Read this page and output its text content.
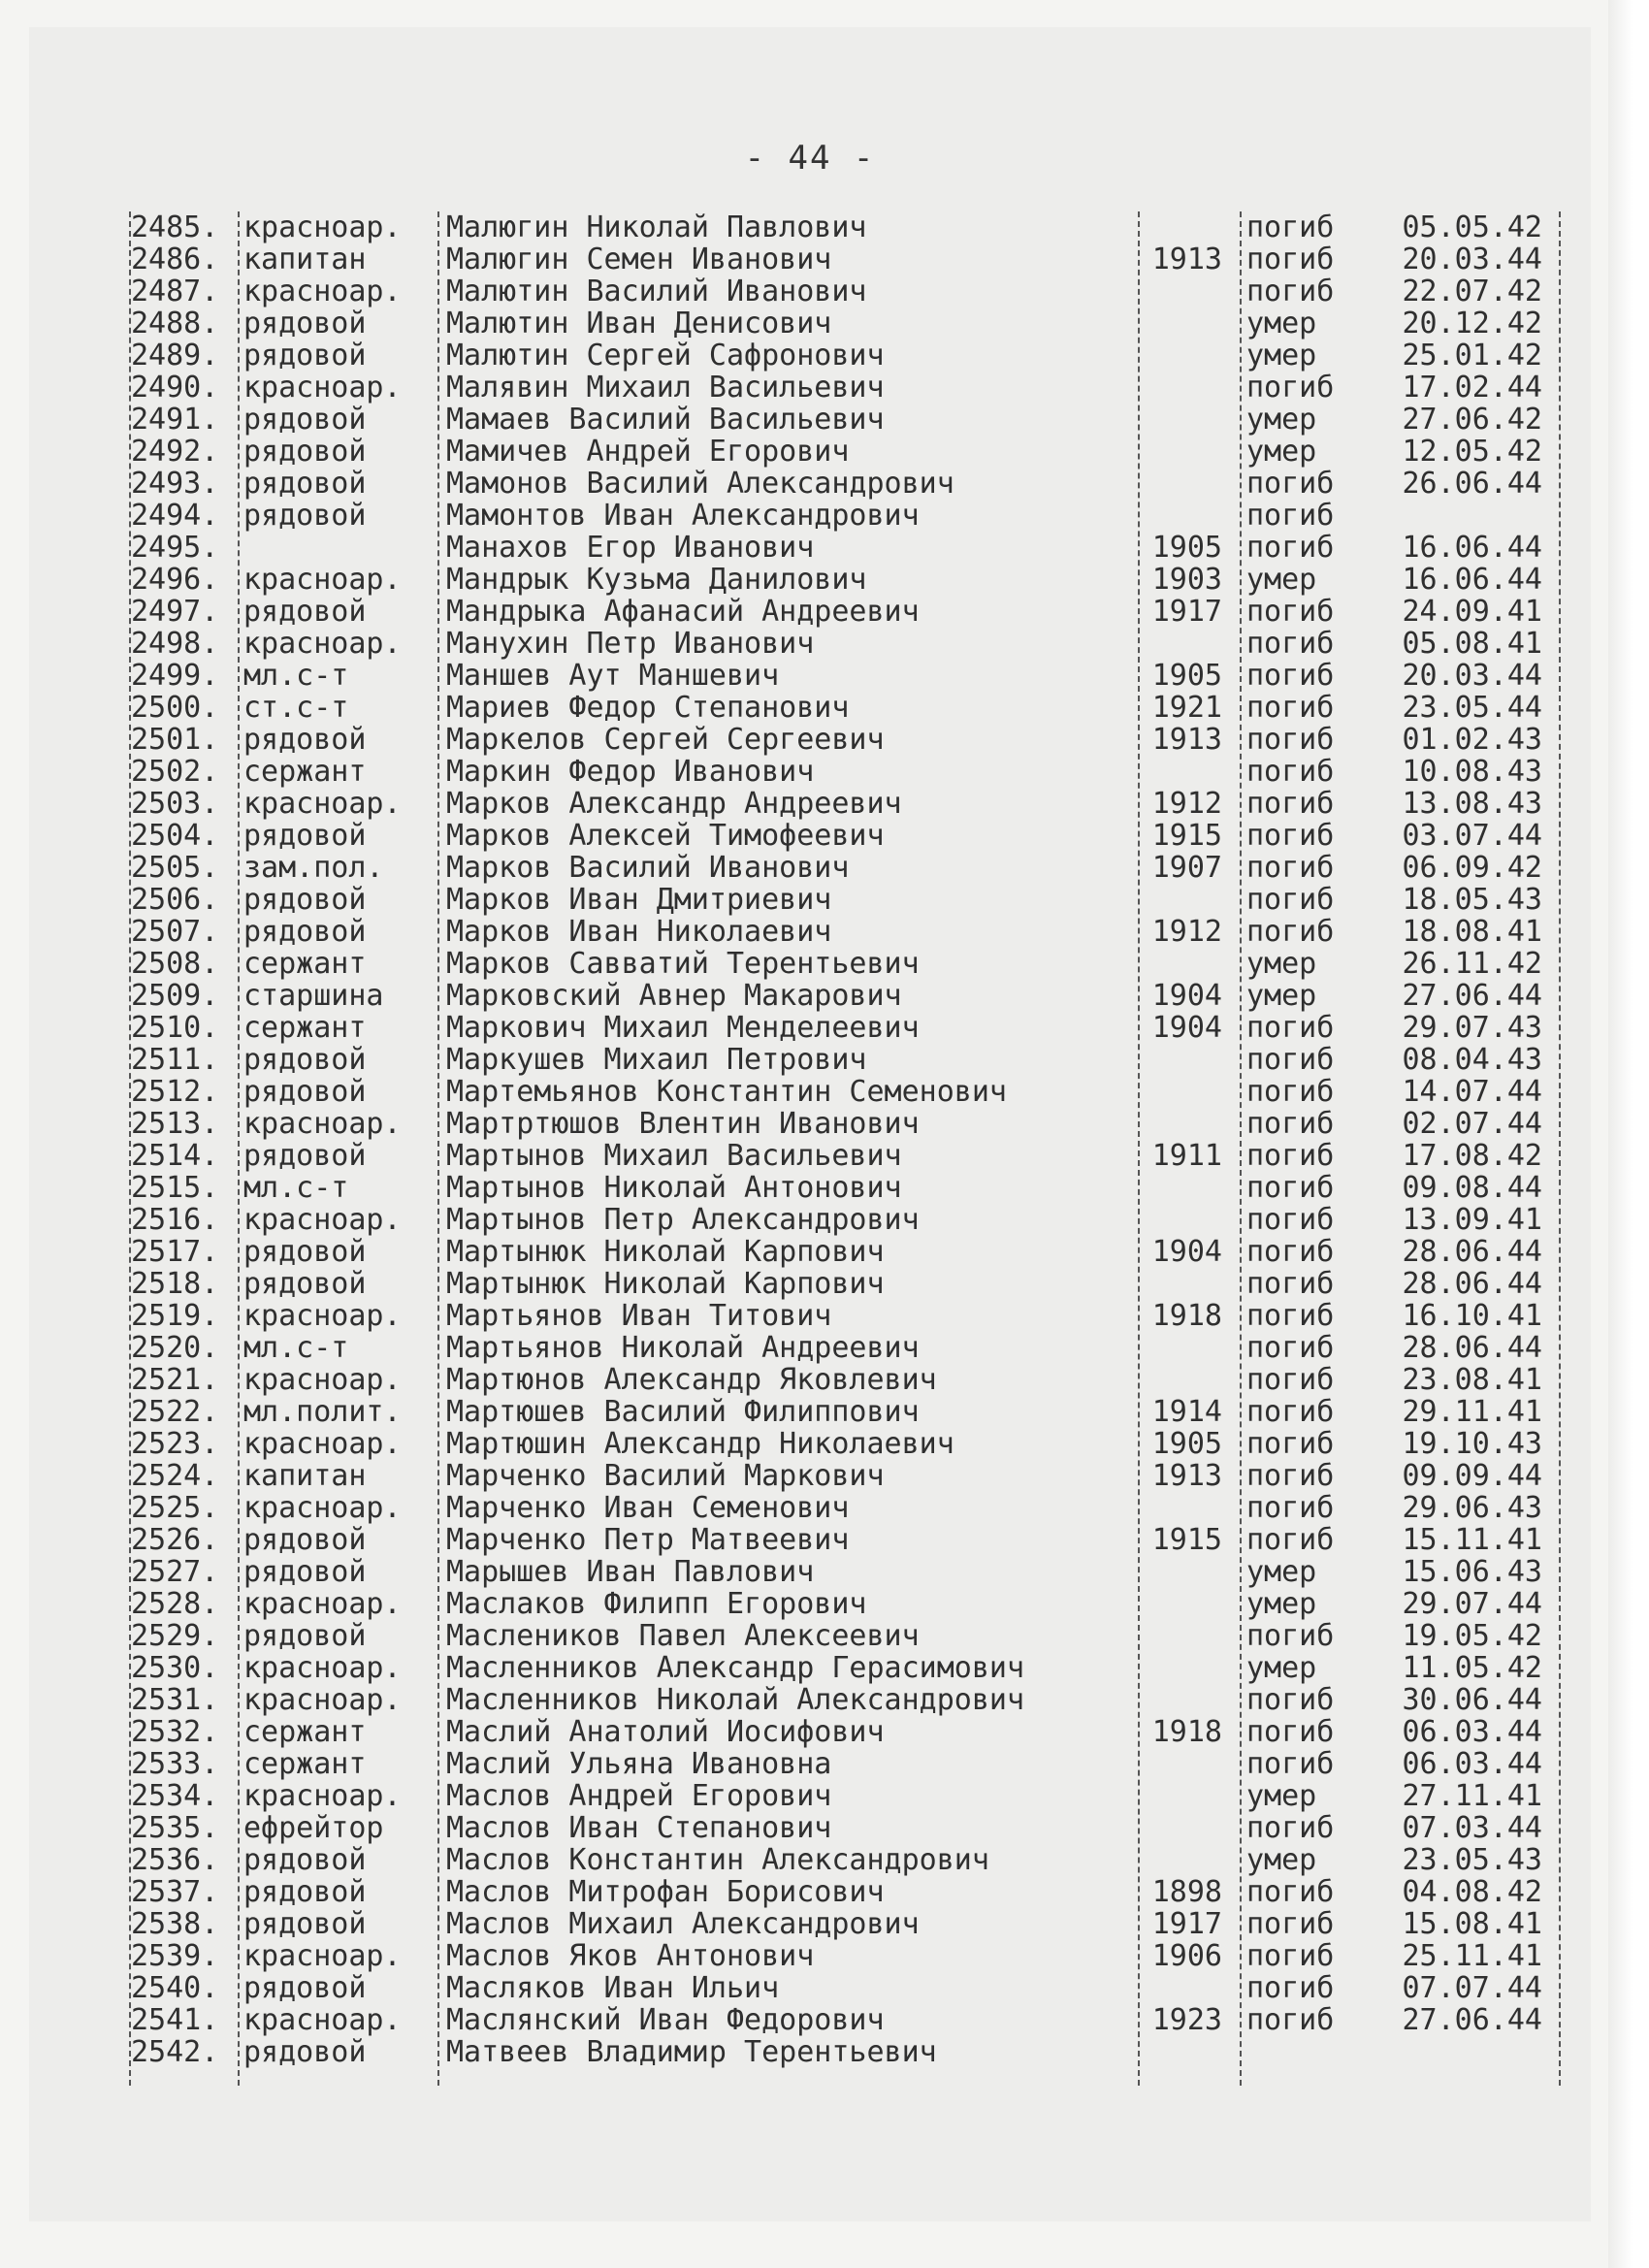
- 44 -
2485. краснoар. Малюгин Николай Павлович	погиб	05.05.42
2486. капитан	Малюгин Семен Иванович	1913 погиб	20.03.44
2487. краснoар. Малютин Василий Иванович	погиб	22.07.42
2488. рядовой	Малютин Иван Денисович	умер	20.12.42
2489. рядовой	Малютин Сергей Сафронович	умер	25.01.42
2490. краснoар. Малявин Михаил Васильевич	погиб	17.02.44
2491. рядовой	Мамаев Василий Васильевич	умер	27.06.42
2492. рядовой	Мамичев Андрей Егорович	умер	12.05.42
2493. рядовой	Мамонов Василий Александрович	погиб	26.06.44
2494. рядовой	Мамонтов Иван Александрович	погиб
2495.	Манахов Егор Иванович	1905 погиб	16.06.44
2496. краснoар. Мандрык Кузьма Данилович	1903 умер	16.06.44
2497. рядовой	Мандрыка Афанасий Андреевич	1917 погиб	24.09.41
2498. краснoар. Манухин Петр Иванович	погиб	05.08.41
2499. мл.с-т	Маншев Аут Маншевич	1905 погиб	20.03.44
2500. ст.с-т	Мариев Федор Степанович	1921 погиб	23.05.44
2501. рядовой	Маркелов Сергей Сергеевич	1913 погиб	01.02.43
2502. сержант	Маркин Федор Иванович	погиб	10.08.43
2503. краснoар. Марков Александр Андреевич	1912 погиб	13.08.43
2504. рядовой	Марков Алексей Тимофеевич	1915 погиб	03.07.44
2505. зам.пол. Марков Василий Иванович	1907 погиб	06.09.42
2506. рядовой	Марков Иван Дмитриевич	погиб	18.05.43
2507. рядовой	Марков Иван Николаевич	1912 погиб	18.08.41
2508. сержант	Марков Савватий Терентьевич	умер	26.11.42
2509. старшина Марковский Авнер Макарович	1904 умер	27.06.44
2510. сержант	Маркович Михаил Менделеевич	1904 погиб	29.07.43
2511. рядовой	Маркушев Михаил Петрович	погиб	08.04.43
2512. рядовой	Мартемьянов Константин Семенович	погиб	14.07.44
2513. краснoар. Мартртюшов Влентин Иванович	погиб	02.07.44
2514. рядовой	Мартынов Михаил Васильевич	1911 погиб	17.08.42
2515. мл.с-т	Мартынов Николай Антонович	погиб	09.08.44
2516. краснoар. Мартынов Петр Александрович	погиб	13.09.41
2517. рядовой	Мартынюк Николай Карпович	1904 погиб	28.06.44
2518. рядовой	Мартынюк Николай Карпович	погиб	28.06.44
2519. краснoар. Мартьянов Иван Титович	1918 погиб	16.10.41
2520. мл.с-т	Мартьянов Николай Андреевич	погиб	28.06.44
2521. краснoар. Мартюнов Александр Яковлевич	погиб	23.08.41
2522. мл.полит. Мартюшев Василий Филиппович	1914 погиб	29.11.41
2523. краснoар. Мартюшин Александр Николаевич	1905 погиб	19.10.43
2524. капитан	Марченко Василий Маркович	1913 погиб	09.09.44
2525. краснoар. Марченко Иван Семенович	погиб	29.06.43
2526. рядовой	Марченко Петр Матвеевич	1915 погиб	15.11.41
2527. рядовой	Марышев Иван Павлович	умер	15.06.43
2528. краснoар. Маслаков Филипп Егорович	умер	29.07.44
2529. рядовой	Маслеников Павел Алексеевич	погиб	19.05.42
2530. краснoар. Масленников Александр Герасимович	умер	11.05.42
2531. краснoар. Масленников Николай Александрович	погиб	30.06.44
2532. сержант	Маслий Анатолий Иосифович	1918 погиб	06.03.44
2533. сержант	Маслий Ульяна Ивановна	погиб	06.03.44
2534. краснoар. Маслов Андрей Егорович	умер	27.11.41
2535. ефрейтор Маслов Иван Степанович	погиб	07.03.44
2536. рядовой	Маслов Константин Александрович	умер	23.05.43
2537. рядовой	Маслов Митрофан Борисович	1898 погиб	04.08.42
2538. рядовой	Маслов Михаил Александрович	1917 погиб	15.08.41
2539. краснoар. Маслов Яков Антонович	1906 погиб	25.11.41
2540. рядовой	Масляков Иван Ильич	погиб	07.07.44
2541. краснoар. Маслянский Иван Федорович	1923 погиб	27.06.44
2542. рядовой	Матвеев Владимир Терентьевич
